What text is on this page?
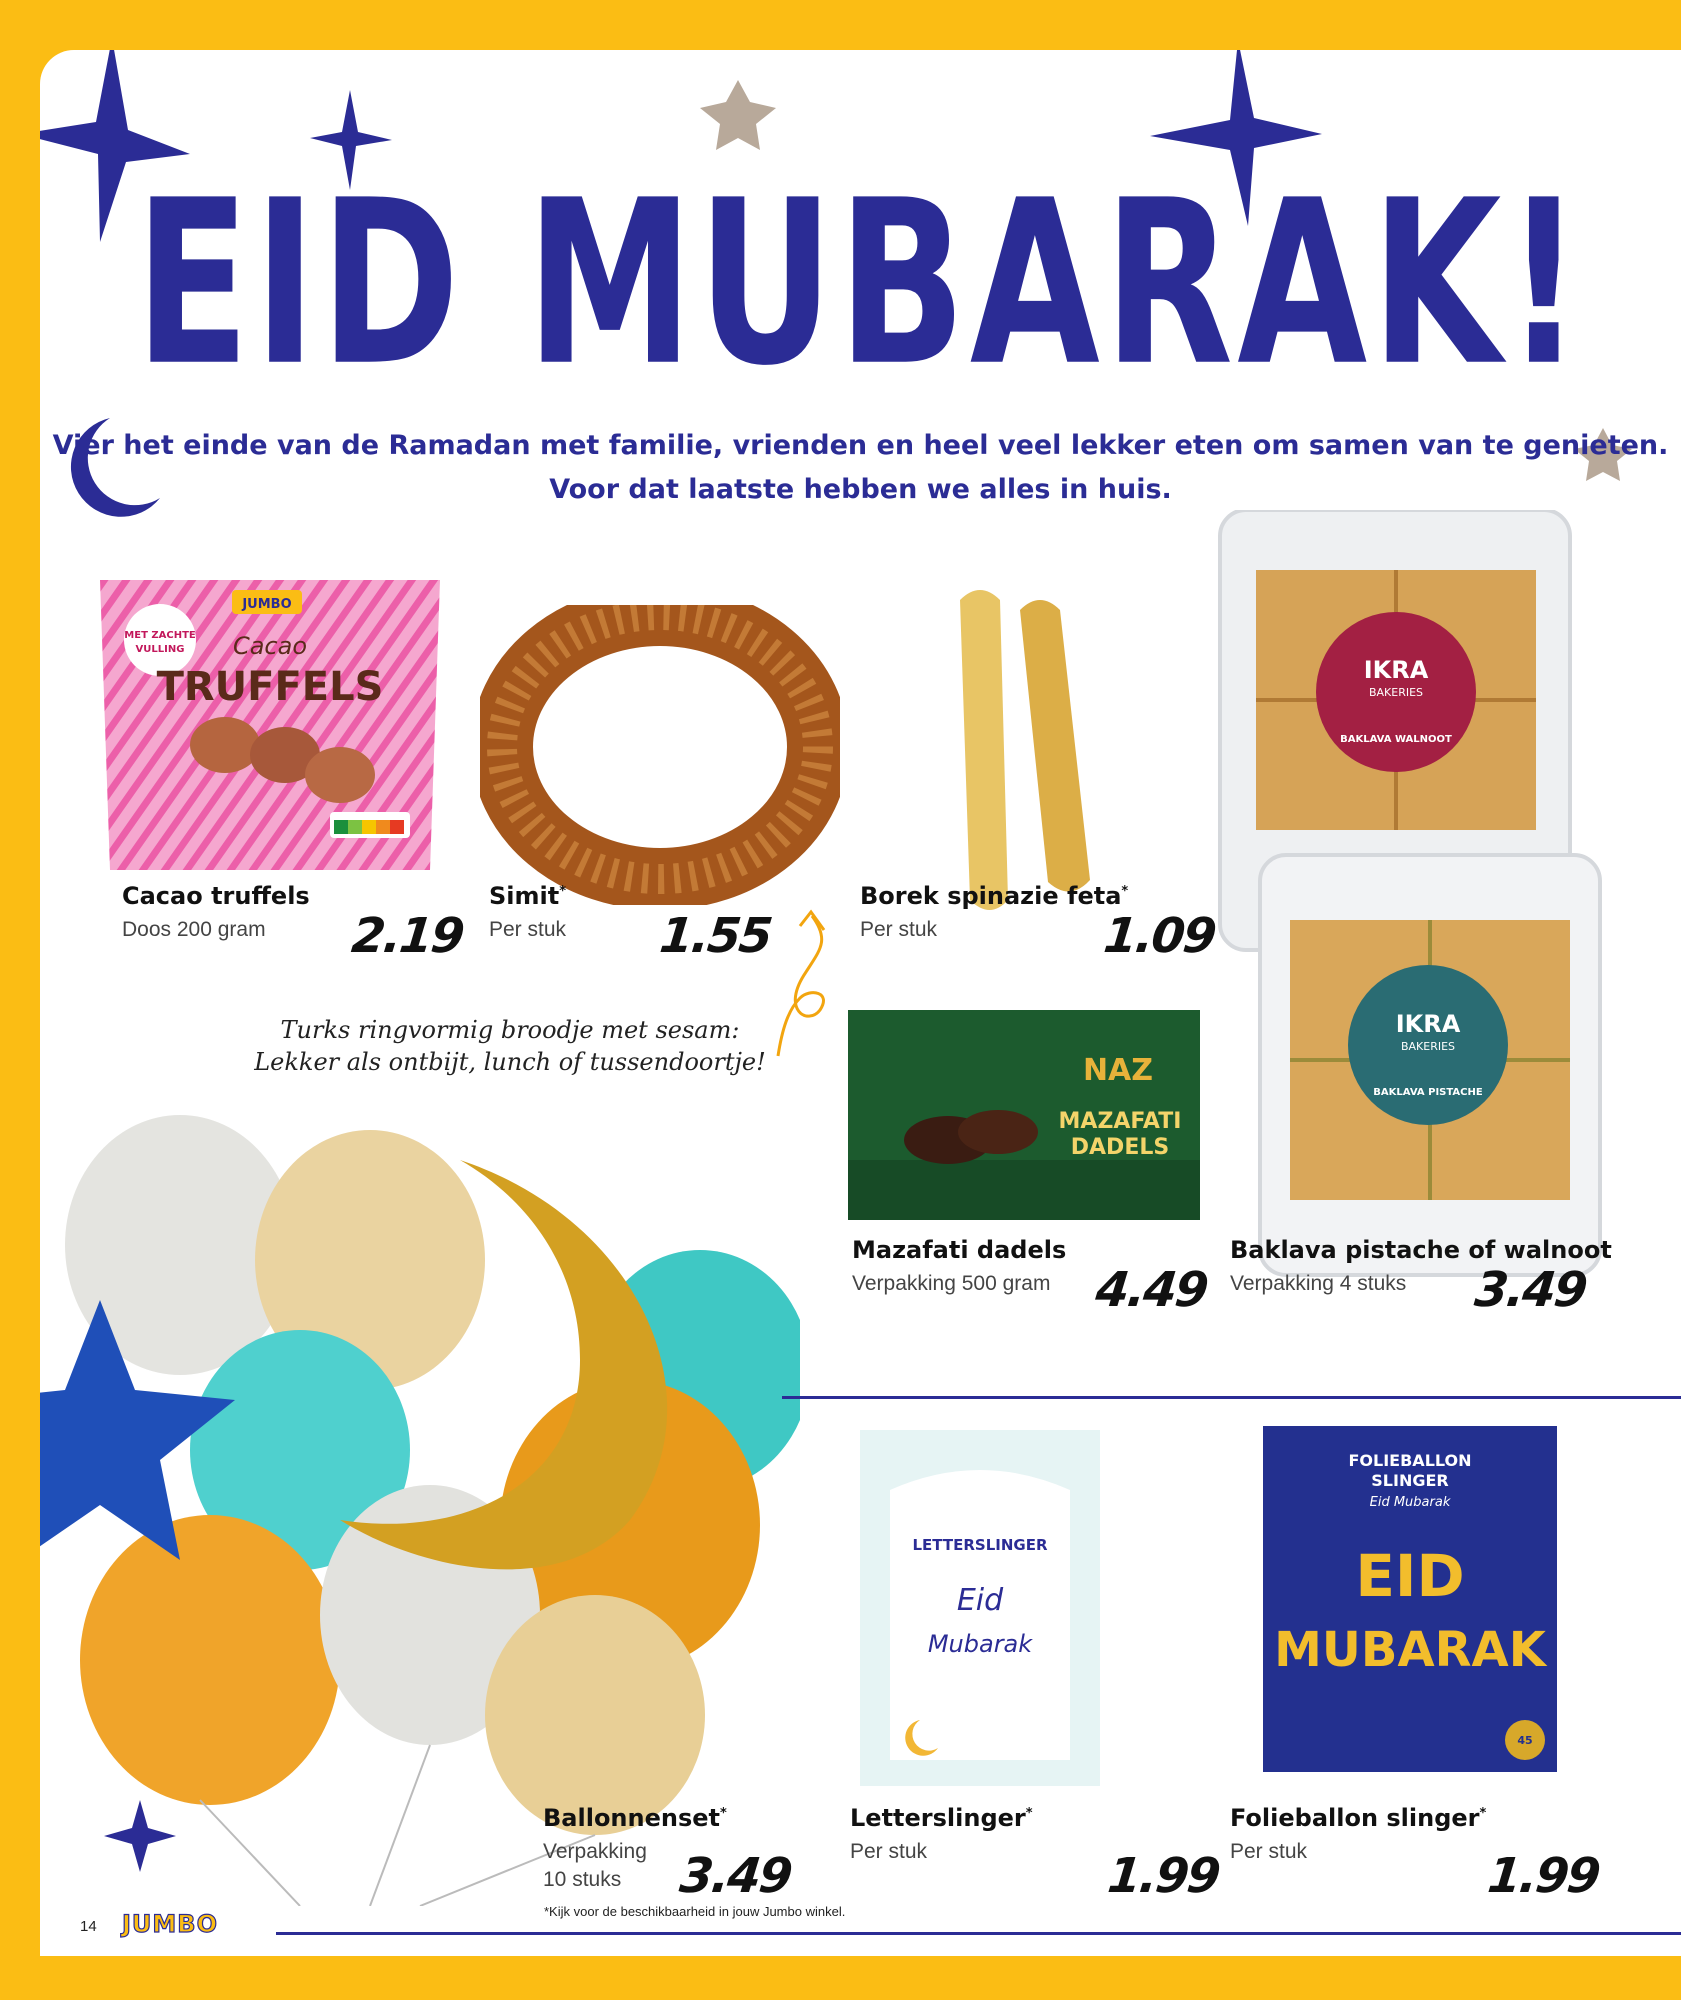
EID MUBARAK!
Vier het einde van de Ramadan met familie, vrienden en heel veel lekker eten om samen van te genieten.
Voor dat laatste hebben we alles in huis.
JUMBO
MET ZACHTE
VULLING Cacao
TRUFFELS	IKRA
BAKERIES
BAKLAVA WALNOOT
IKRA
BAKERIES
BAKLAVA PISTACHE
NAZ
MAZAFATI
DADELS
LETTERSLINGER
Eid
Mubarak
FOLIEBALLON
SLINGER
Eid Mubarak
EID
MUBARAK
45
Cacao truffels
Doos 200 gram 2.19
Simit*
Per stuk 1.55
Borek spinazie feta*
Per stuk	1.09
Turks ringvormig broodje met sesam:
Lekker als ontbijt, lunch of tussendoortje!
Mazafati dadels
Verpakking 500 gram 4.49
Baklava pistache of walnoot
Verpakking 4 stuks 3.49
Ballonnenset*
Verpakking
10 stuks 3.49
Letterslinger*
Per stuk	1.99
Folieballon slinger*
Per stuk	1.99
14 JUMBO	*Kijk voor de beschikbaarheid in jouw Jumbo winkel.
